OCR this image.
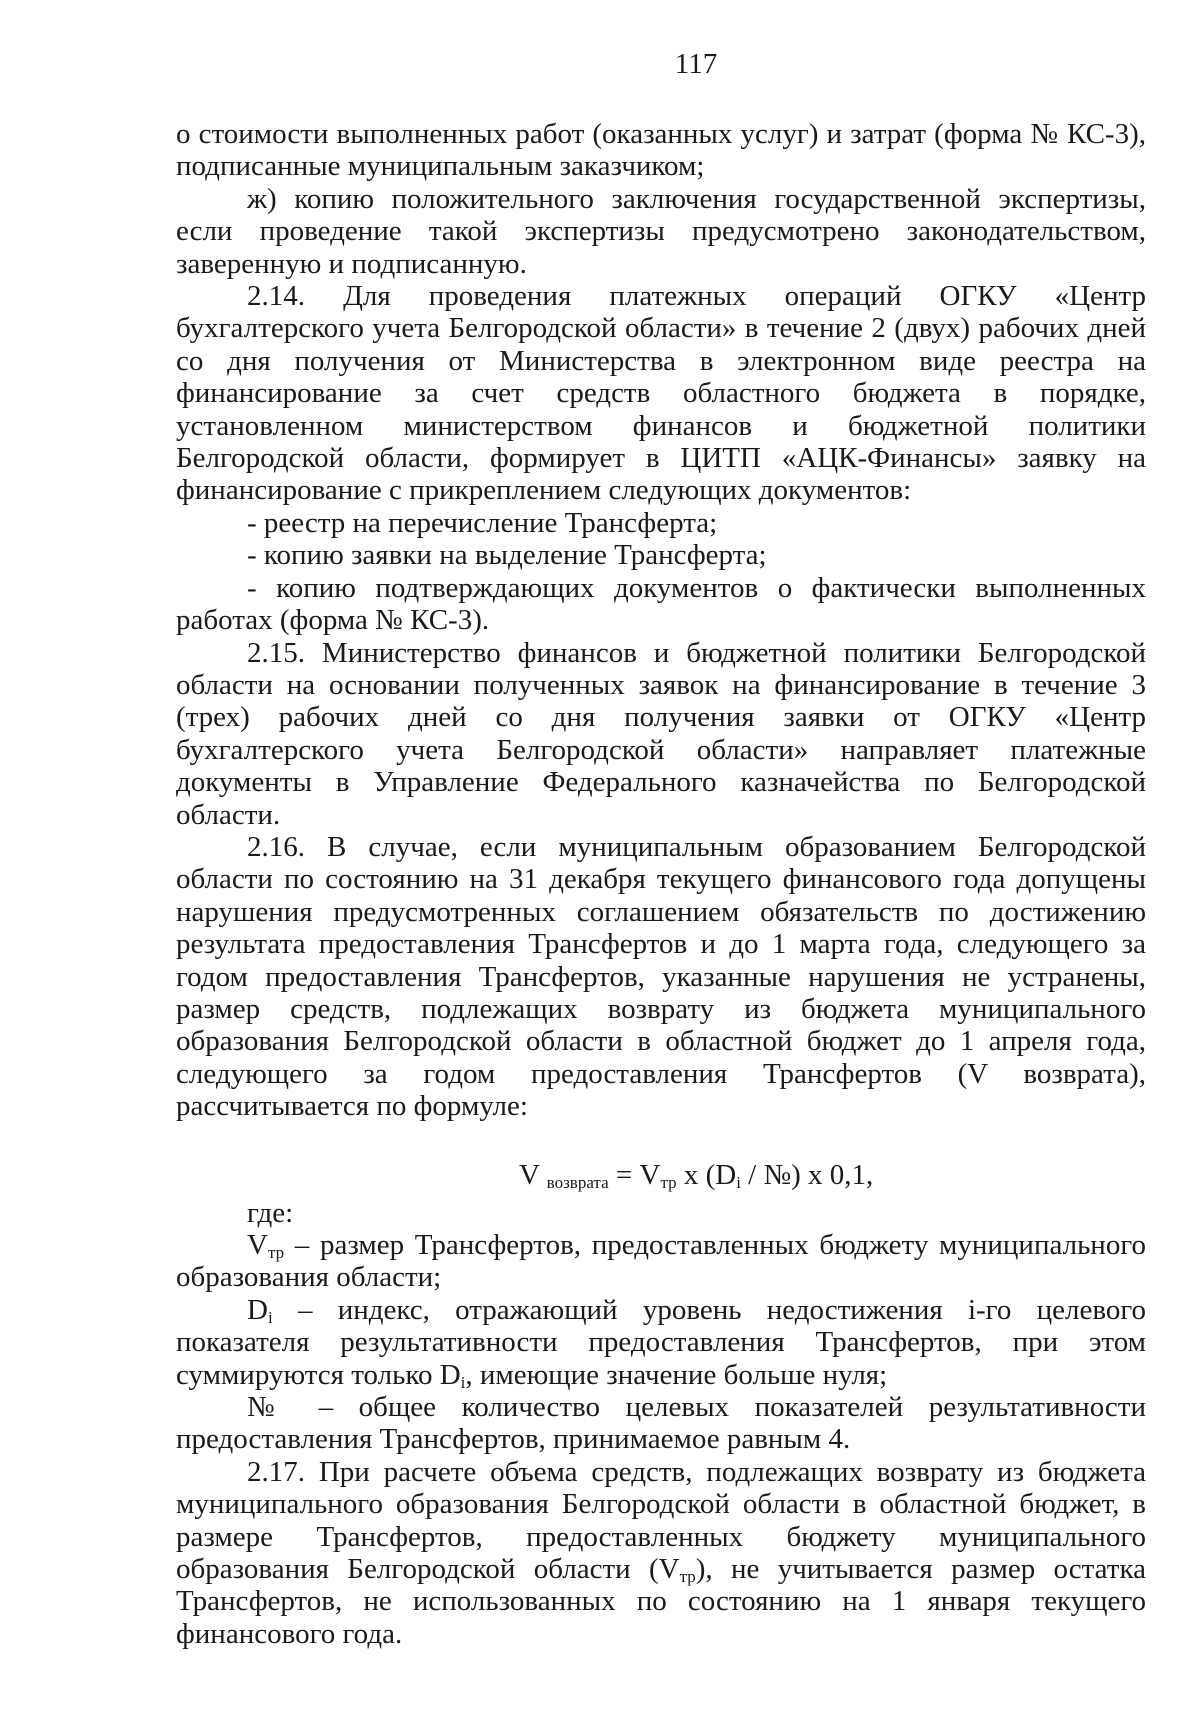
117

о стоимости выполненных работ (оказанных услуг) и затрат (форма № КС-3), подписанные муниципальным заказчиком;

ж) копию положительного заключения государственной экспертизы, если проведение такой экспертизы предусмотрено законодательством, заверенную и подписанную.

2.14. Для проведения платежных операций ОГКУ «Центр бухгалтерского учета Белгородской области» в течение 2 (двух) рабочих дней со дня получения от Министерства в электронном виде реестра на финансирование за счет средств областного бюджета в порядке, установленном министерством финансов и бюджетной политики Белгородской области, формирует в ЦИТП «АЦК-Финансы» заявку на финансирование с прикреплением следующих документов:

- реестр на перечисление Трансферта;

- копию заявки на выделение Трансферта;

- копию подтверждающих документов о фактически выполненных работах (форма № КС-3).

2.15. Министерство финансов и бюджетной политики Белгородской области на основании полученных заявок на финансирование в течение 3 (трех) рабочих дней со дня получения заявки от ОГКУ «Центр бухгалтерского учета Белгородской области» направляет платежные документы в Управление Федерального казначейства по Белгородской области.

2.16. В случае, если муниципальным образованием Белгородской области по состоянию на 31 декабря текущего финансового года допущены нарушения предусмотренных соглашением обязательств по достижению результата предоставления Трансфертов и до 1 марта года, следующего за годом предоставления Трансфертов, указанные нарушения не устранены, размер средств, подлежащих возврату из бюджета муниципального образования Белгородской области в областной бюджет до 1 апреля года, следующего за годом предоставления Трансфертов (V возврата), рассчитывается по формуле:

V $_{возврата} = V_{тр}$ х ($D_i$ / №) х 0,1,

где:

$V_{тр}$ – размер Трансфертов, предоставленных бюджету муниципального образования области;

$D_i$ – индекс, отражающий уровень недостижения i-го целевого показателя результативности предоставления Трансфертов, при этом суммируются только $D_i$, имеющие значение больше нуля;

№ – общее количество целевых показателей результативности предоставления Трансфертов, принимаемое равным 4.

2.17. При расчете объема средств, подлежащих возврату из бюджета муниципального образования Белгородской области в областной бюджет, в размере Трансфертов, предоставленных бюджету муниципального образования Белгородской области $(V_{тр})$, не учитывается размер остатка Трансфертов, не использованных по состоянию на 1 января текущего финансового года.
